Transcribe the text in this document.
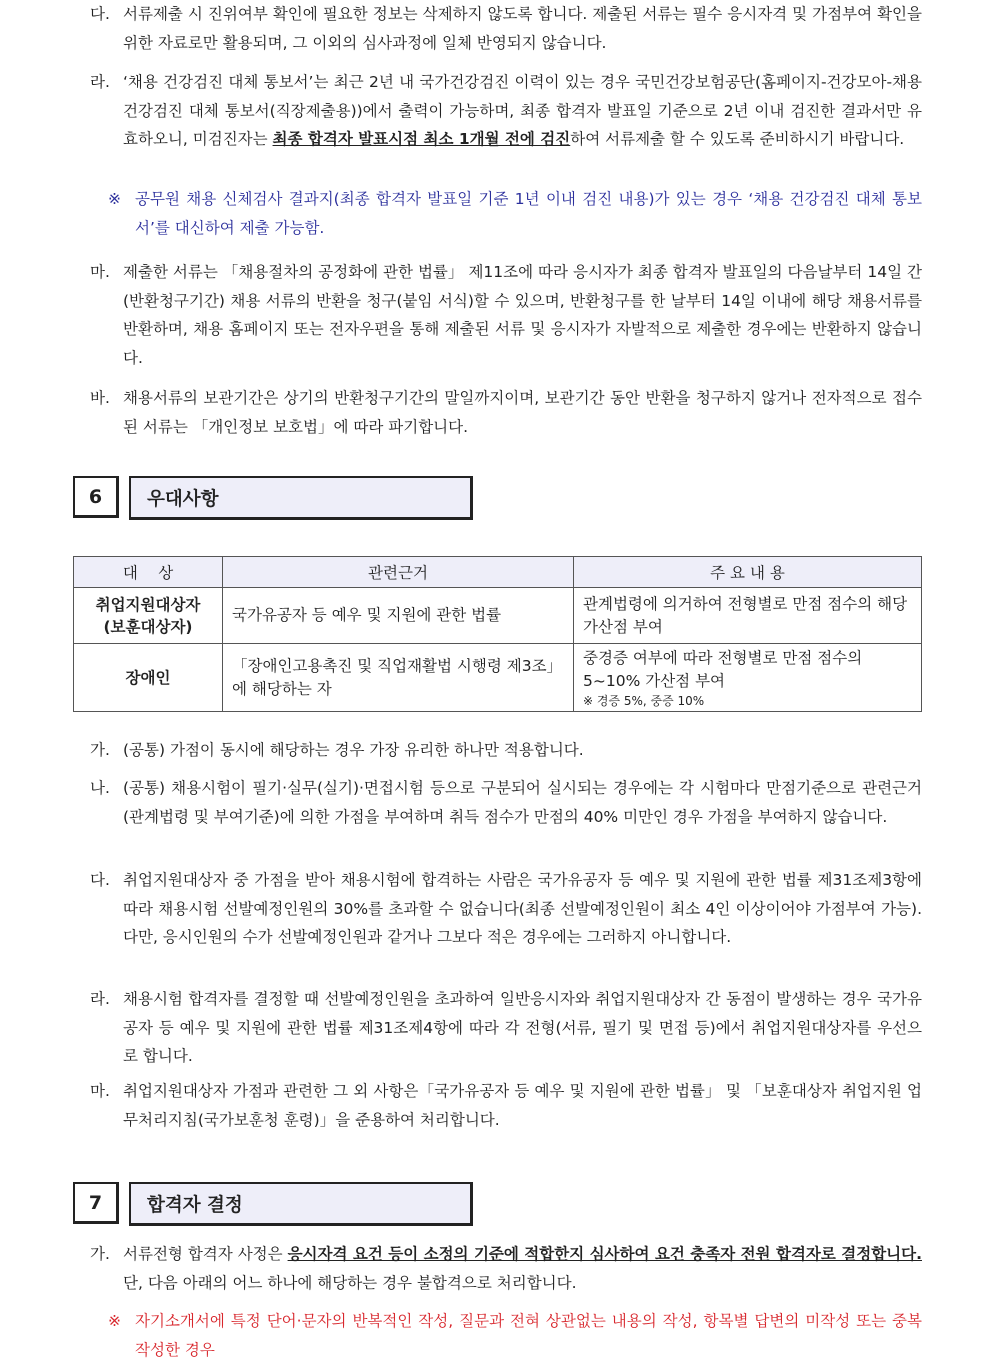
다. 서류제출 시 진위여부 확인에 필요한 정보는 삭제하지 않도록 합니다. 제출된 서류는 필수 응시자격 및 가점부여 확인을 위한 자료로만 활용되며, 그 이외의 심사과정에 일체 반영되지 않습니다.
라. ‘채용 건강검진 대체 통보서’는 최근 2년 내 국가건강검진 이력이 있는 경우 국민건강보험공단(홈페이지-건강모아-채용 건강검진 대체 통보서(직장제출용))에서 출력이 가능하며, 최종 합격자 발표일 기준으로 2년 이내 검진한 결과서만 유효하오니, 미검진자는 최종 합격자 발표시점 최소 1개월 전에 검진하여 서류제출 할 수 있도록 준비하시기 바랍니다.
※ 공무원 채용 신체검사 결과지(최종 합격자 발표일 기준 1년 이내 검진 내용)가 있는 경우 ‘채용 건강검진 대체 통보서’를 대신하여 제출 가능함.
마. 제출한 서류는 「채용절차의 공정화에 관한 법률」 제11조에 따라 응시자가 최종 합격자 발표일의 다음날부터 14일 간(반환청구기간) 채용 서류의 반환을 청구(붙임 서식)할 수 있으며, 반환청구를 한 날부터 14일 이내에 해당 채용서류를 반환하며, 채용 홈페이지 또는 전자우편을 통해 제출된 서류 및 응시자가 자발적으로 제출한 경우에는 반환하지 않습니다.
바. 채용서류의 보관기간은 상기의 반환청구기간의 말일까지이며, 보관기간 동안 반환을 청구하지 않거나 전자적으로 접수된 서류는 「개인정보 보호법」에 따라 파기합니다.
6	우대사항
대　 상	관련근거	주 요 내 용
취업지원대상자
(보훈대상자)	국가유공자 등 예우 및 지원에 관한 법률	관계법령에 의거하여 전형별로 만점 점수의 해당 가산점 부여
장애인	「장애인고용촉진 및 직업재활법 시행령 제3조」에 해당하는 자	중경증 여부에 따라 전형별로 만점 점수의 5~10% 가산점 부여
※ 경증 5%, 중증 10%
가. (공통) 가점이 동시에 해당하는 경우 가장 유리한 하나만 적용합니다.
나. (공통) 채용시험이 필기·실무(실기)·면접시험 등으로 구분되어 실시되는 경우에는 각 시험마다 만점기준으로 관련근거(관계법령 및 부여기준)에 의한 가점을 부여하며 취득 점수가 만점의 40% 미만인 경우 가점을 부여하지 않습니다.
다. 취업지원대상자 중 가점을 받아 채용시험에 합격하는 사람은 국가유공자 등 예우 및 지원에 관한 법률 제31조제3항에 따라 채용시험 선발예정인원의 30%를 초과할 수 없습니다(최종 선발예정인원이 최소 4인 이상이어야 가점부여 가능). 다만, 응시인원의 수가 선발예정인원과 같거나 그보다 적은 경우에는 그러하지 아니합니다.
라. 채용시험 합격자를 결정할 때 선발예정인원을 초과하여 일반응시자와 취업지원대상자 간 동점이 발생하는 경우 국가유공자 등 예우 및 지원에 관한 법률 제31조제4항에 따라 각 전형(서류, 필기 및 면접 등)에서 취업지원대상자를 우선으로 합니다.
마. 취업지원대상자 가점과 관련한 그 외 사항은「국가유공자 등 예우 및 지원에 관한 법률」 및 「보훈대상자 취업지원 업무처리지침(국가보훈청 훈령)」을 준용하여 처리합니다.
7	합격자 결정
가. 서류전형 합격자 사정은 응시자격 요건 등이 소정의 기준에 적합한지 심사하여 요건 충족자 전원 합격자로 결정합니다. 단, 다음 아래의 어느 하나에 해당하는 경우 불합격으로 처리합니다.
※ 자기소개서에 특정 단어·문자의 반복적인 작성, 질문과 전혀 상관없는 내용의 작성, 항목별 답변의 미작성 또는 중복 작성한 경우
